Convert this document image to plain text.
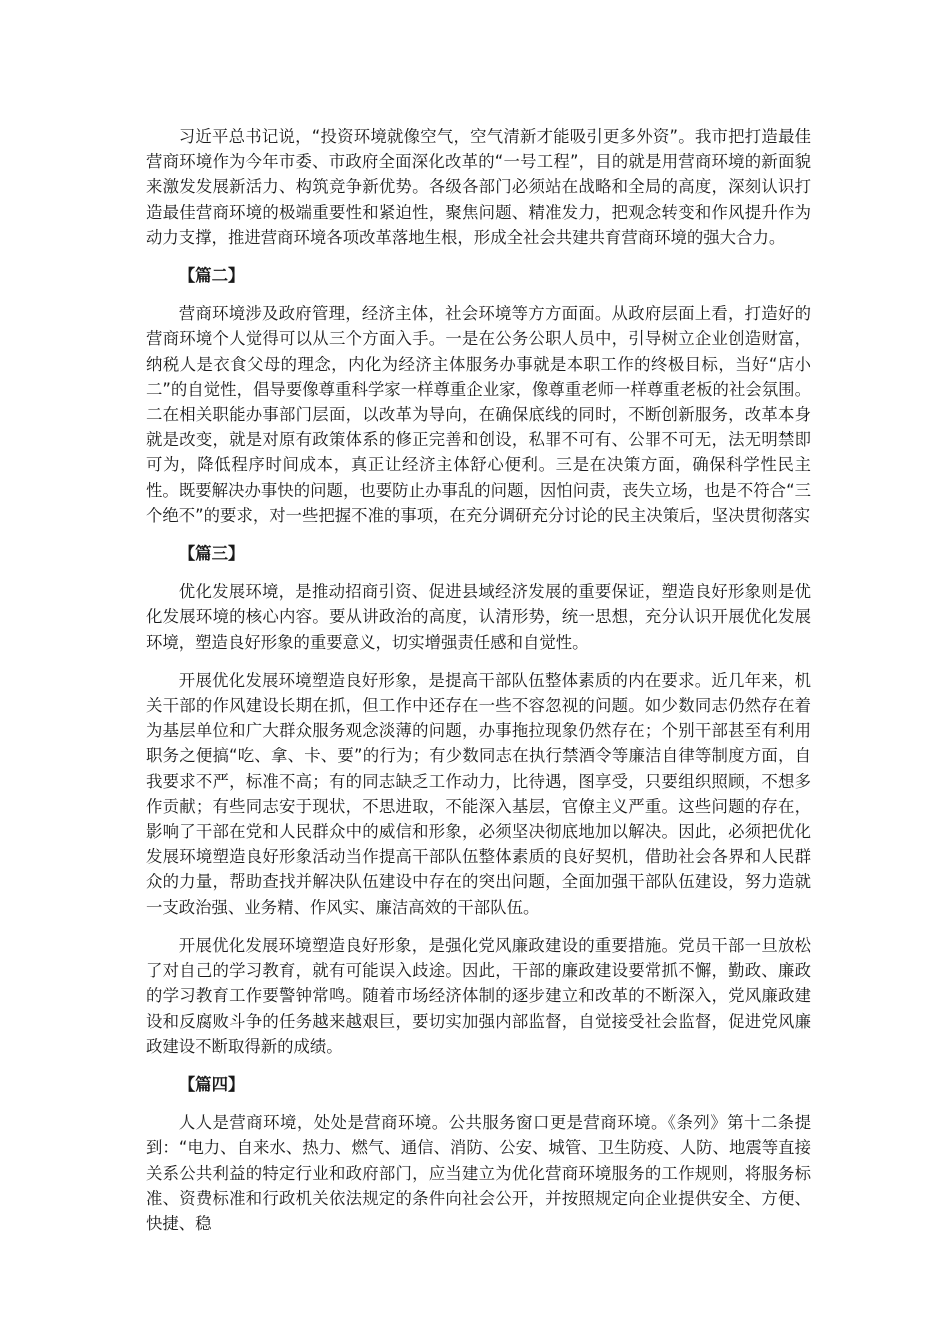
习近平总书记说，“投资环境就像空气，空气清新才能吸引更多外资”。我市把打造最佳营商环境作为今年市委、市政府全面深化改革的“一号工程”，目的就是用营商环境的新面貌来激发发展新活力、构筑竞争新优势。各级各部门必须站在战略和全局的高度，深刻认识打造最佳营商环境的极端重要性和紧迫性，聚焦问题、精准发力，把观念转变和作风提升作为动力支撑，推进营商环境各项改革落地生根，形成全社会共建共育营商环境的强大合力。

【篇二】

营商环境涉及政府管理，经济主体，社会环境等方方面面。从政府层面上看，打造好的营商环境个人觉得可以从三个方面入手。一是在公务公职人员中，引导树立企业创造财富，纳税人是衣食父母的理念，内化为经济主体服务办事就是本职工作的终极目标，当好“店小二”的自觉性，倡导要像尊重科学家一样尊重企业家，像尊重老师一样尊重老板的社会氛围。二在相关职能办事部门层面，以改革为导向，在确保底线的同时，不断创新服务，改革本身就是改变，就是对原有政策体系的修正完善和创设，私罪不可有、公罪不可无，法无明禁即可为，降低程序时间成本，真正让经济主体舒心便利。三是在决策方面，确保科学性民主性。既要解决办事快的问题，也要防止办事乱的问题，因怕问责，丧失立场，也是不符合“三个绝不”的要求，对一些把握不准的事项，在充分调研充分讨论的民主决策后，坚决贯彻落实

【篇三】

优化发展环境，是推动招商引资、促进县域经济发展的重要保证，塑造良好形象则是优化发展环境的核心内容。要从讲政治的高度，认清形势，统一思想，充分认识开展优化发展环境，塑造良好形象的重要意义，切实增强责任感和自觉性。

开展优化发展环境塑造良好形象，是提高干部队伍整体素质的内在要求。近几年来，机关干部的作风建设长期在抓，但工作中还存在一些不容忽视的问题。如少数同志仍然存在着为基层单位和广大群众服务观念淡薄的问题，办事拖拉现象仍然存在；个别干部甚至有利用职务之便搞“吃、拿、卡、要”的行为；有少数同志在执行禁酒令等廉洁自律等制度方面，自我要求不严，标准不高；有的同志缺乏工作动力，比待遇，图享受，只要组织照顾，不想多作贡献；有些同志安于现状，不思进取，不能深入基层，官僚主义严重。这些问题的存在，影响了干部在党和人民群众中的威信和形象，必须坚决彻底地加以解决。因此，必须把优化发展环境塑造良好形象活动当作提高干部队伍整体素质的良好契机，借助社会各界和人民群众的力量，帮助查找并解决队伍建设中存在的突出问题，全面加强干部队伍建设，努力造就一支政治强、业务精、作风实、廉洁高效的干部队伍。

开展优化发展环境塑造良好形象，是强化党风廉政建设的重要措施。党员干部一旦放松了对自己的学习教育，就有可能误入歧途。因此，干部的廉政建设要常抓不懈，勤政、廉政的学习教育工作要警钟常鸣。随着市场经济体制的逐步建立和改革的不断深入，党风廉政建设和反腐败斗争的任务越来越艰巨，要切实加强内部监督，自觉接受社会监督，促进党风廉政建设不断取得新的成绩。

【篇四】

人人是营商环境，处处是营商环境。公共服务窗口更是营商环境。《条列》第十二条提到：“电力、自来水、热力、燃气、通信、消防、公安、城管、卫生防疫、人防、地震等直接关系公共利益的特定行业和政府部门，应当建立为优化营商环境服务的工作规则，将服务标准、资费标准和行政机关依法规定的条件向社会公开，并按照规定向企业提供安全、方便、快捷、稳
